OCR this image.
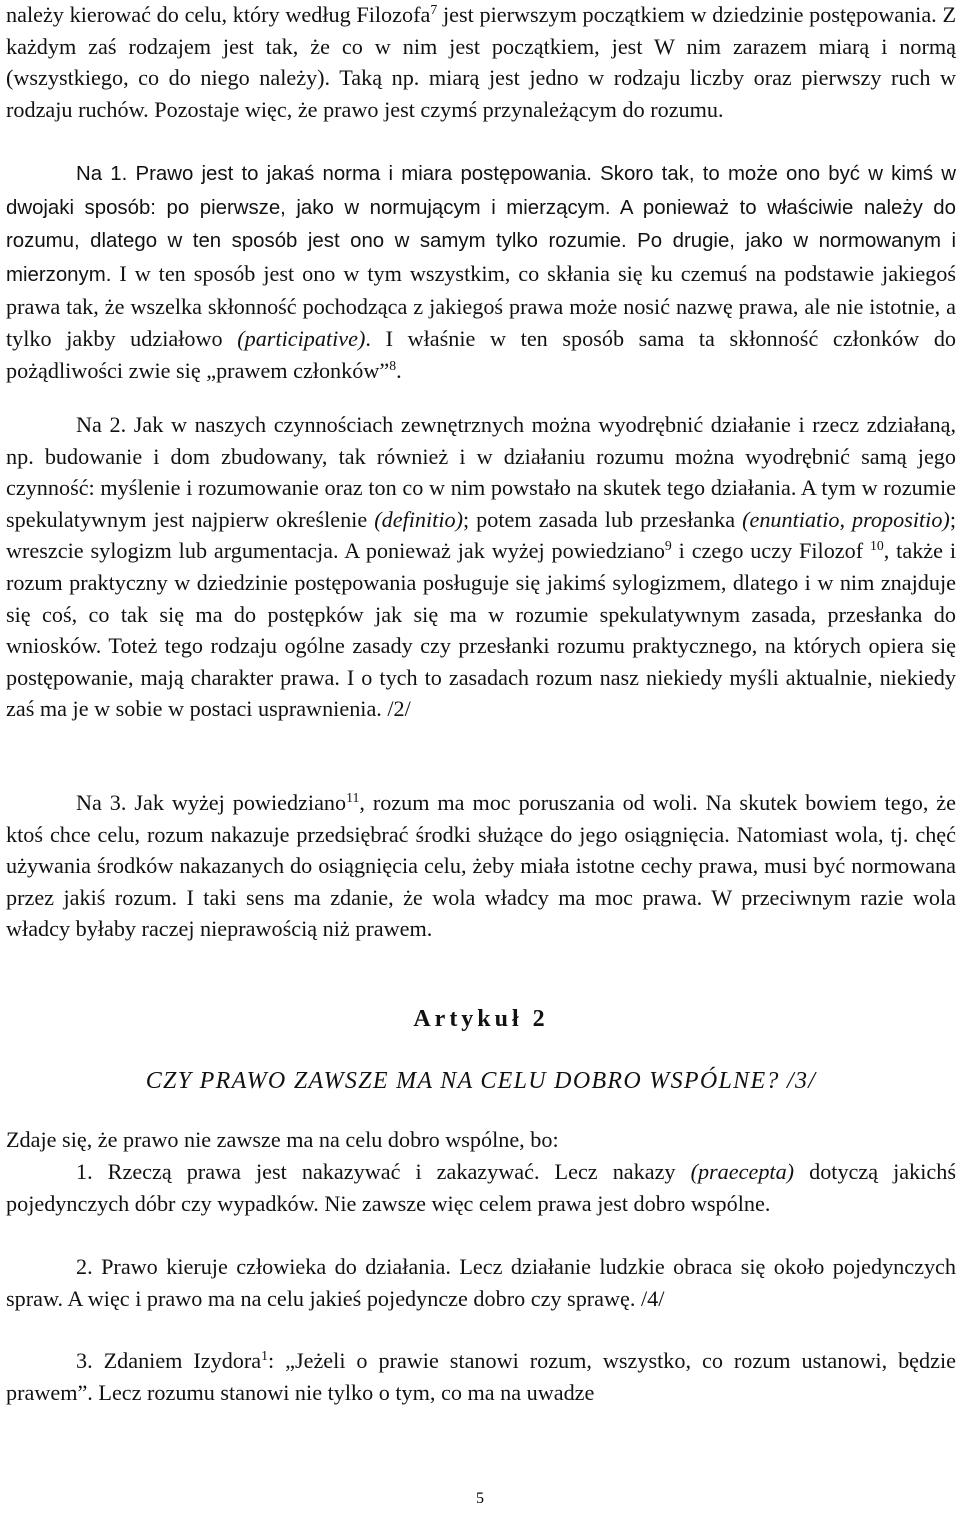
należy kierować do celu, który według Filozofa$^7$ jest pierwszym początkiem w dziedzinie postępowania. Z każdym zaś rodzajem jest tak, że co w nim jest początkiem, jest W nim zarazem miarą i normą (wszystkiego, co do niego należy). Taką np. miarą jest jedno w rodzaju liczby oraz pierwszy ruch w rodzaju ruchów. Pozostaje więc, że prawo jest czymś przynależącym do rozumu.

Na 1. Prawo jest to jakaś norma i miara postępowania. Skoro tak, to może ono być w kimś w dwojaki sposób: po pierwsze, jako w normującym i mierzącym. A ponieważ to właściwie należy do rozumu, dlatego w ten sposób jest ono w samym tylko rozumie. Po drugie, jako w normowanym i mierzonym. I w ten sposób jest ono w tym wszystkim, co skłania się ku czemuś na podstawie jakiegoś prawa tak, że wszelka skłonność pochodząca z jakiegoś prawa może nosić nazwę prawa, ale nie istotnie, a tylko jakby udziałowo (participative). I właśnie w ten sposób sama ta skłonność członków do pożądliwości zwie się „prawem członków”$^8$.

Na 2. Jak w naszych czynnościach zewnętrznych można wyodrębnić działanie i rzecz zdziałaną, np. budowanie i dom zbudowany, tak również i w działaniu rozumu można wyodrębnić samą jego czynność: myślenie i rozumowanie oraz ton co w nim powstało na skutek tego działania. A tym w rozumie spekulatywnym jest najpierw określenie (definitio); potem zasada lub przesłanka (enuntiatio, propositio); wreszcie sylogizm lub argumentacja. A ponieważ jak wyżej powiedziano$^9$ i czego uczy Filozof $^{10}$, także i rozum praktyczny w dziedzinie postępowania posługuje się jakimś sylogizmem, dlatego i w nim znajduje się coś, co tak się ma do postępków jak się ma w rozumie spekulatywnym zasada, przesłanka do wniosków. Toteż tego rodzaju ogólne zasady czy przesłanki rozumu praktycznego, na których opiera się postępowanie, mają charakter prawa. I o tych to zasadach rozum nasz niekiedy myśli aktualnie, niekiedy zaś ma je w sobie w postaci usprawnienia. /2/

Na 3. Jak wyżej powiedziano$^{11}$, rozum ma moc poruszania od woli. Na skutek bowiem tego, że ktoś chce celu, rozum nakazuje przedsiębrać środki służące do jego osiągnięcia. Natomiast wola, tj. chęć używania środków nakazanych do osiągnięcia celu, żeby miała istotne cechy prawa, musi być normowana przez jakiś rozum. I taki sens ma zdanie, że wola władcy ma moc prawa. W przeciwnym razie wola władcy byłaby raczej nieprawością niż prawem.

Artykuł 2

CZY PRAWO ZAWSZE MA NA CELU DOBRO WSPÓLNE? /3/

Zdaje się, że prawo nie zawsze ma na celu dobro wspólne, bo:

1. Rzeczą prawa jest nakazywać i zakazywać. Lecz nakazy (praecepta) dotyczą jakichś pojedynczych dóbr czy wypadków. Nie zawsze więc celem prawa jest dobro wspólne.

2. Prawo kieruje człowieka do działania. Lecz działanie ludzkie obraca się około pojedynczych spraw. A więc i prawo ma na celu jakieś pojedyncze dobro czy sprawę. /4/

3. Zdaniem Izydora$^1$: „Jeżeli o prawie stanowi rozum, wszystko, co rozum ustanowi, będzie prawem”. Lecz rozumu stanowi nie tylko o tym, co ma na uwadze

5
